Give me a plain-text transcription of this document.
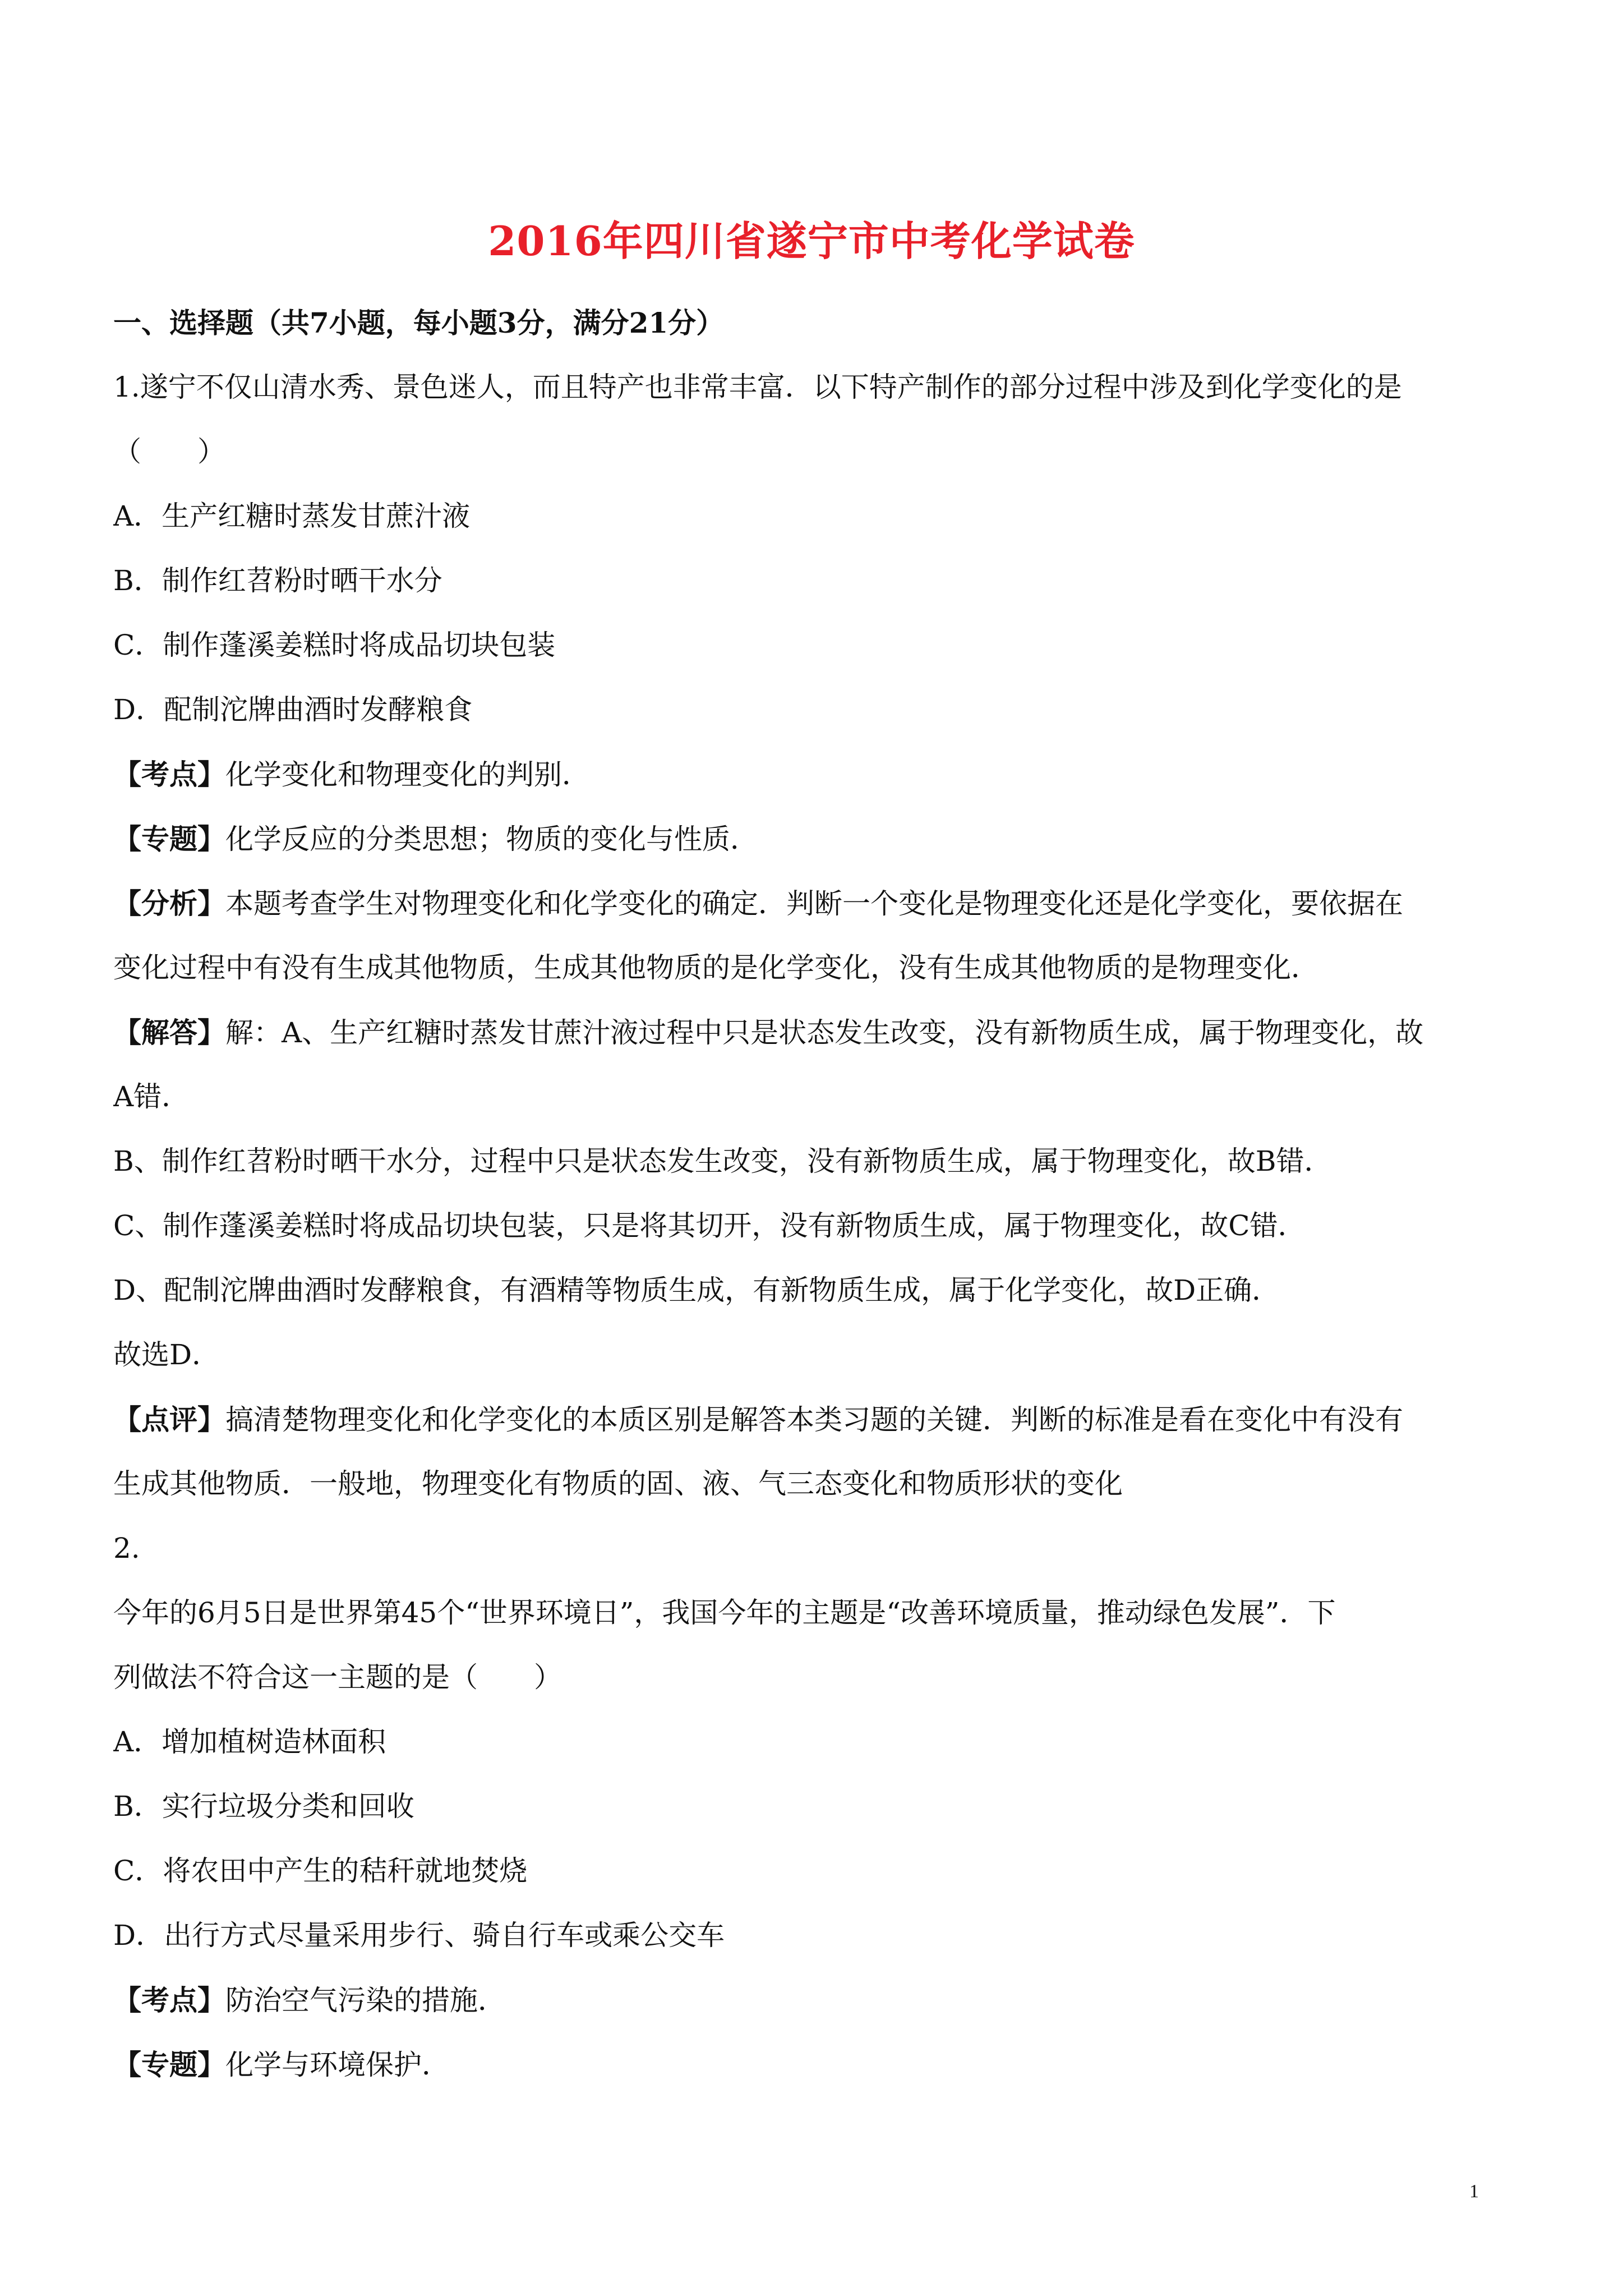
2016年四川省遂宁市中考化学试卷
一、选择题（共7小题，每小题3分，满分21分）
1.遂宁不仅山清水秀、景色迷人，而且特产也非常丰富．以下特产制作的部分过程中涉及到化学变化的是
（　　）
A．生产红糖时蒸发甘蔗汁液
B．制作红苕粉时晒干水分
C．制作蓬溪姜糕时将成品切块包装
D．配制沱牌曲酒时发酵粮食
【考点】化学变化和物理变化的判别．
【专题】化学反应的分类思想；物质的变化与性质．
【分析】本题考查学生对物理变化和化学变化的确定．判断一个变化是物理变化还是化学变化，要依据在
变化过程中有没有生成其他物质，生成其他物质的是化学变化，没有生成其他物质的是物理变化．
【解答】解：A、生产红糖时蒸发甘蔗汁液过程中只是状态发生改变，没有新物质生成，属于物理变化，故
A错．
B、制作红苕粉时晒干水分，过程中只是状态发生改变，没有新物质生成，属于物理变化，故B错．
C、制作蓬溪姜糕时将成品切块包装，只是将其切开，没有新物质生成，属于物理变化，故C错．
D、配制沱牌曲酒时发酵粮食，有酒精等物质生成，有新物质生成，属于化学变化，故D正确．
故选D．
【点评】搞清楚物理变化和化学变化的本质区别是解答本类习题的关键．判断的标准是看在变化中有没有
生成其他物质．一般地，物理变化有物质的固、液、气三态变化和物质形状的变化
2.
今年的6月5日是世界第45个“世界环境日”，我国今年的主题是“改善环境质量，推动绿色发展”．下
列做法不符合这一主题的是（　　）
A．增加植树造林面积
B．实行垃圾分类和回收
C．将农田中产生的秸秆就地焚烧
D．出行方式尽量采用步行、骑自行车或乘公交车
【考点】防治空气污染的措施．
【专题】化学与环境保护．
1
